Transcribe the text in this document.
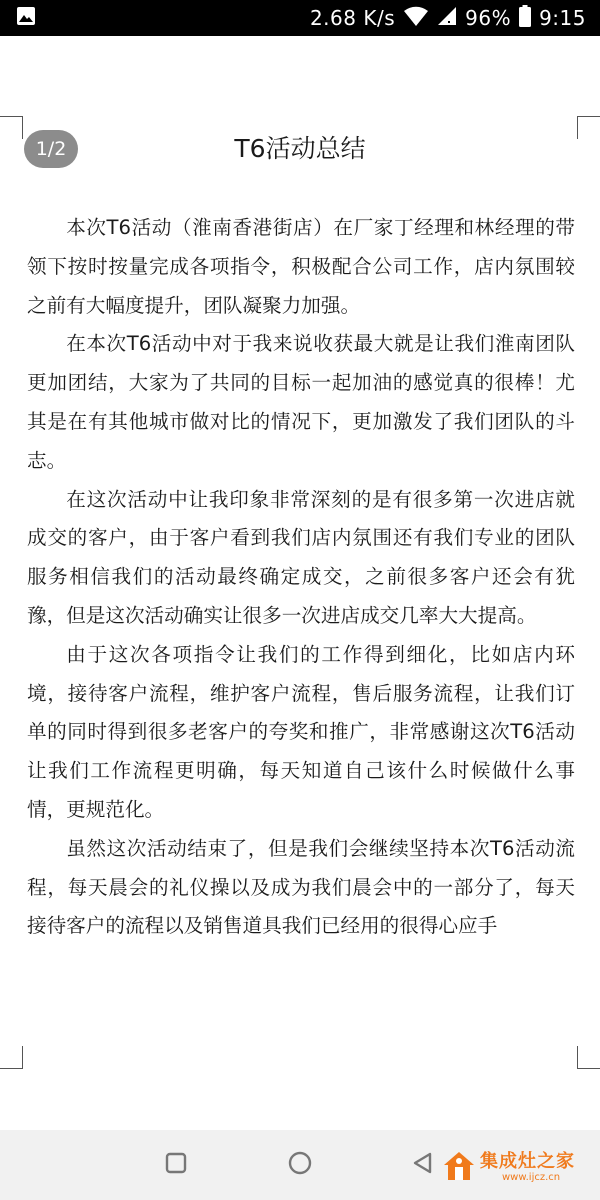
2.68 K/s	96% 9:15
1/2	T6活动总结

本次T6活动（淮南香港街店）在厂家丁经理和林经理的带领下按时按量完成各项指令，积极配合公司工作，店内氛围较之前有大幅度提升，团队凝聚力加强。

在本次T6活动中对于我来说收获最大就是让我们淮南团队更加团结，大家为了共同的目标一起加油的感觉真的很棒！尤其是在有其他城市做对比的情况下，更加激发了我们团队的斗志。

在这次活动中让我印象非常深刻的是有很多第一次进店就成交的客户，由于客户看到我们店内氛围还有我们专业的团队服务相信我们的活动最终确定成交，之前很多客户还会有犹豫，但是这次活动确实让很多一次进店成交几率大大提高。

由于这次各项指令让我们的工作得到细化，比如店内环境，接待客户流程，维护客户流程，售后服务流程，让我们订单的同时得到很多老客户的夸奖和推广，非常感谢这次T6活动让我们工作流程更明确，每天知道自己该什么时候做什么事情，更规范化。

虽然这次活动结束了，但是我们会继续坚持本次T6活动流程，每天晨会的礼仪操以及成为我们晨会中的一部分了，每天接待客户的流程以及销售道具我们已经用的很得心应手

集成灶之家
www.ijcz.cn
